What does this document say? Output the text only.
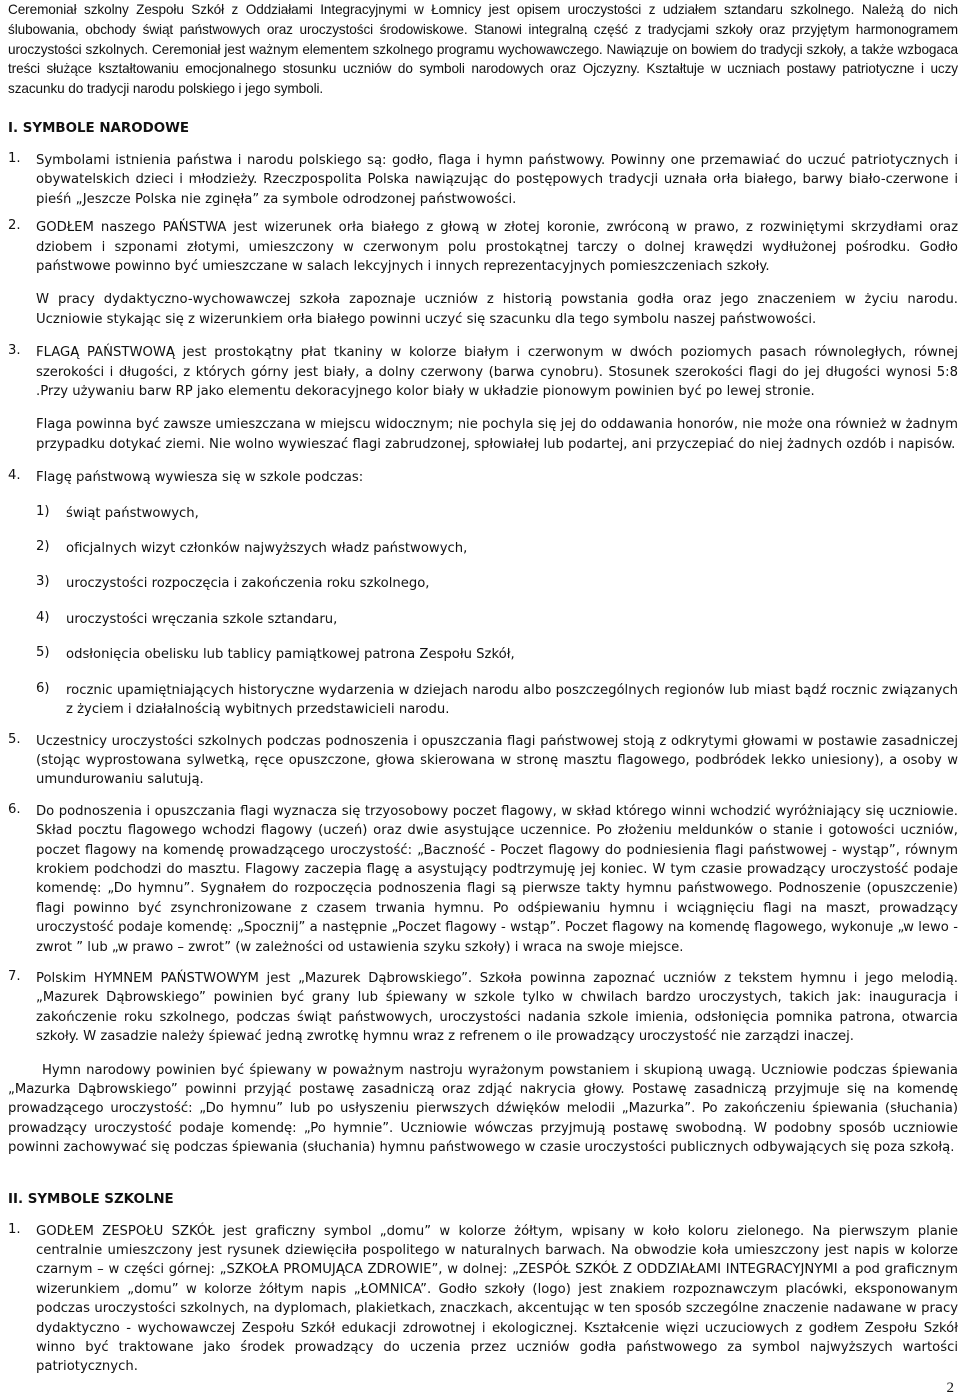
Ceremoniał szkolny Zespołu Szkół z Oddziałami Integracyjnymi w Łomnicy jest opisem uroczystości z udziałem sztandaru szkolnego. Należą do nich ślubowania, obchody świąt państwowych oraz uroczystości środowiskowe. Stanowi integralną część z tradycjami szkoły oraz przyjętym harmonogramem uroczystości szkolnych. Ceremoniał jest ważnym elementem szkolnego programu wychowawczego. Nawiązuje on bowiem do tradycji szkoły, a także wzbogaca treści służące kształtowaniu emocjonalnego stosunku uczniów do symboli narodowych oraz Ojczyzny. Kształtuje w uczniach postawy patriotyczne i uczy szacunku do tradycji narodu polskiego i jego symboli.

I. SYMBOLE NARODOWE

1.	Symbolami istnienia państwa i narodu polskiego są: godło, flaga i hymn państwowy. Powinny one przemawiać do uczuć patriotycznych i obywatelskich dzieci i młodzieży. Rzeczpospolita Polska nawiązując do postępowych tradycji uznała orła białego, barwy biało-czerwone i pieśń „Jeszcze Polska nie zginęła” za symbole odrodzonej państwowości.
2.	GODŁEM naszego PAŃSTWA jest wizerunek orła białego z głową w złotej koronie, zwróconą w prawo, z rozwiniętymi skrzydłami oraz dziobem i szponami złotymi, umieszczony w czerwonym polu prostokątnej tarczy o dolnej krawędzi wydłużonej pośrodku. Godło państwowe powinno być umieszczane w salach lekcyjnych i innych reprezentacyjnych pomieszczeniach szkoły.

W pracy dydaktyczno-wychowawczej szkoła zapoznaje uczniów z historią powstania godła oraz jego znaczeniem w życiu narodu. Uczniowie stykając się z wizerunkiem orła białego powinni uczyć się szacunku dla tego symbolu naszej państwowości.

3.	FLAGĄ PAŃSTWOWĄ jest prostokątny płat tkaniny w kolorze białym i czerwonym w dwóch poziomych pasach równoległych, równej szerokości i długości, z których górny jest biały, a dolny czerwony (barwa cynobru). Stosunek szerokości flagi do jej długości wynosi 5:8 .Przy używaniu barw RP jako elementu dekoracyjnego kolor biały w układzie pionowym powinien być po lewej stronie.

Flaga powinna być zawsze umieszczana w miejscu widocznym; nie pochyla się jej do oddawania honorów, nie może ona również w żadnym przypadku dotykać ziemi. Nie wolno wywieszać flagi zabrudzonej, spłowiałej lub podartej, ani przyczepiać do niej żadnych ozdób i napisów.

4.	Flagę państwową wywiesza się w szkole podczas:
1)	świąt państwowych,
2)	oficjalnych wizyt członków najwyższych władz państwowych,
3)	uroczystości rozpoczęcia i zakończenia roku szkolnego,
4)	uroczystości wręczania szkole sztandaru,
5)	odsłonięcia obelisku lub tablicy pamiątkowej patrona Zespołu Szkół,
6)	rocznic upamiętniających historyczne wydarzenia w dziejach narodu albo poszczególnych regionów lub miast bądź rocznic związanych z życiem i działalnością wybitnych przedstawicieli narodu.
5.	Uczestnicy uroczystości szkolnych podczas podnoszenia i opuszczania flagi państwowej stoją z odkrytymi głowami w postawie zasadniczej (stojąc wyprostowana sylwetką, ręce opuszczone, głowa skierowana w stronę masztu flagowego, podbródek lekko uniesiony), a osoby w umundurowaniu salutują.
6.	Do podnoszenia i opuszczania flagi wyznacza się trzyosobowy poczet flagowy, w skład którego winni wchodzić wyróżniający się uczniowie. Skład pocztu flagowego wchodzi flagowy (uczeń) oraz dwie asystujące uczennice. Po złożeniu meldunków o stanie i gotowości uczniów, poczet flagowy na komendę prowadzącego uroczystość: „Baczność - Poczet flagowy do podniesienia flagi państwowej - wystąp”, równym krokiem podchodzi do masztu. Flagowy zaczepia flagę a asystujący podtrzymuję jej koniec. W tym czasie prowadzący uroczystość podaje komendę: „Do hymnu”. Sygnałem do rozpoczęcia podnoszenia flagi są pierwsze takty hymnu państwowego. Podnoszenie (opuszczenie) flagi powinno być zsynchronizowane z czasem trwania hymnu. Po odśpiewaniu hymnu i wciągnięciu flagi na maszt, prowadzący uroczystość podaje komendę: „Spocznij” a następnie „Poczet flagowy - wstąp”. Poczet flagowy na komendę flagowego, wykonuje „w lewo - zwrot ” lub „w prawo – zwrot” (w zależności od ustawienia szyku szkoły) i wraca na swoje miejsce.
7.	Polskim HYMNEM PAŃSTWOWYM jest „Mazurek Dąbrowskiego”. Szkoła powinna zapoznać uczniów z tekstem hymnu i jego melodią. „Mazurek Dąbrowskiego” powinien być grany lub śpiewany w szkole tylko w chwilach bardzo uroczystych, takich jak: inauguracja i zakończenie roku szkolnego, podczas świąt państwowych, uroczystości nadania szkole imienia, odsłonięcia pomnika patrona, otwarcia szkoły. W zasadzie należy śpiewać jedną zwrotkę hymnu wraz z refrenem o ile prowadzący uroczystość nie zarządzi inaczej.

Hymn narodowy powinien być śpiewany w poważnym nastroju wyrażonym powstaniem i skupioną uwagą. Uczniowie podczas śpiewania „Mazurka Dąbrowskiego” powinni przyjąć postawę zasadniczą oraz zdjąć nakrycia głowy. Postawę zasadniczą przyjmuje się na komendę prowadzącego uroczystość: „Do hymnu” lub po usłyszeniu pierwszych dźwięków melodii „Mazurka”. Po zakończeniu śpiewania (słuchania) prowadzący uroczystość podaje komendę: „Po hymnie”. Uczniowie wówczas przyjmują postawę swobodną. W podobny sposób uczniowie powinni zachowywać się podczas śpiewania (słuchania) hymnu państwowego w czasie uroczystości publicznych odbywających się poza szkołą.

II. SYMBOLE SZKOLNE

1.	GODŁEM ZESPOŁU SZKÓŁ jest graficzny symbol „domu” w kolorze żółtym, wpisany w koło koloru zielonego. Na pierwszym planie centralnie umieszczony jest rysunek dziewięciła pospolitego w naturalnych barwach. Na obwodzie koła umieszczony jest napis w kolorze czarnym – w części górnej: „SZKOŁA PROMUJĄCA ZDROWIE”, w dolnej: „ZESPÓŁ SZKÓŁ Z ODDZIAŁAMI INTEGRACYJNYMI a pod graficznym wizerunkiem „domu” w kolorze żółtym napis „ŁOMNICA”. Godło szkoły (logo) jest znakiem rozpoznawczym placówki, eksponowanym podczas uroczystości szkolnych, na dyplomach, plakietkach, znaczkach, akcentując w ten sposób szczególne znaczenie nadawane w pracy dydaktyczno - wychowawczej Zespołu Szkół edukacji zdrowotnej i ekologicznej. Kształcenie więzi uczuciowych z godłem Zespołu Szkół winno być traktowane jako środek prowadzący do uczenia przez uczniów godła państwowego za symbol najwyższych wartości patriotycznych.
2
